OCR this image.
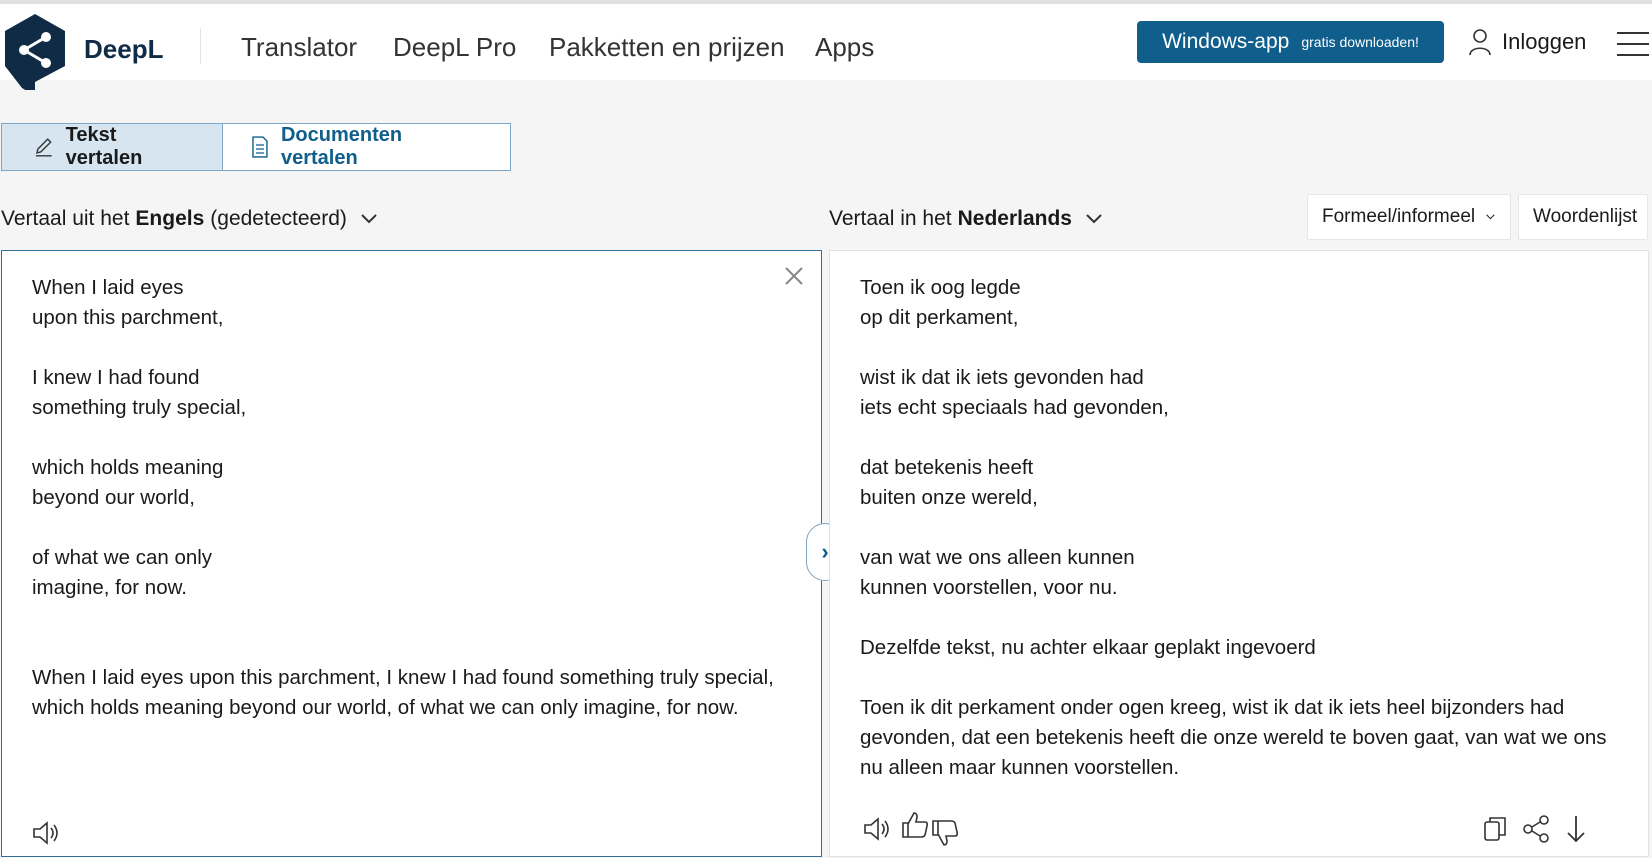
DeepL	Translator DeepL Pro Pakketten en prijzen Apps	Windows-app gratis downloaden!	Inloggen
Tekst vertalen
Documenten vertalen
Vertaal uit het Engels (gedetecteerd)	Vertaal in het Nederlands	Formeel/informeel	Woordenlijst
When I laid eyes
upon this parchment,

I knew I had found
something truly special,

which holds meaning
beyond our world,

of what we can only
imagine, for now.

When I laid eyes upon this parchment, I knew I had found something truly special, which holds meaning beyond our world, of what we can only imagine, for now.
›
Toen ik oog legde
op dit perkament,

wist ik dat ik iets gevonden had
iets echt speciaals had gevonden,

dat betekenis heeft
buiten onze wereld,

van wat we ons alleen kunnen
kunnen voorstellen, voor nu.

Dezelfde tekst, nu achter elkaar geplakt ingevoerd

Toen ik dit perkament onder ogen kreeg, wist ik dat ik iets heel bijzonders had gevonden, dat een betekenis heeft die onze wereld te boven gaat, van wat we ons nu alleen maar kunnen voorstellen.
